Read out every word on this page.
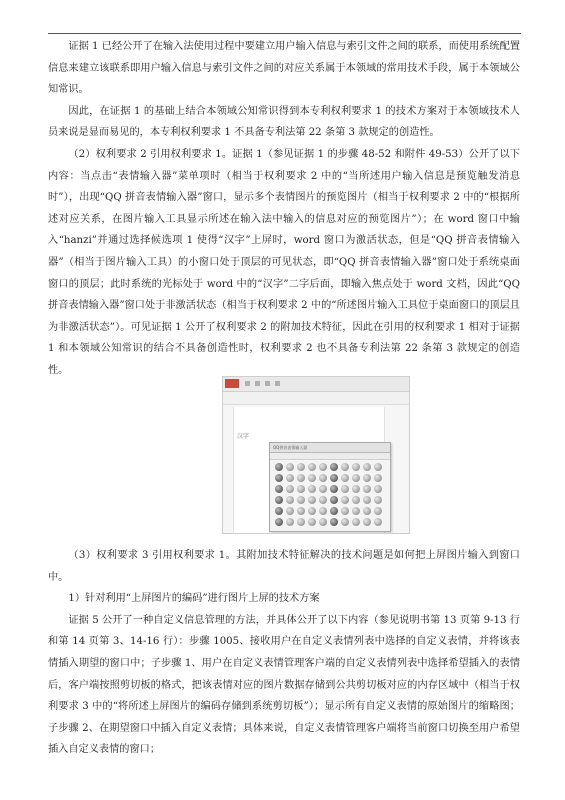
证据 1 已经公开了在输入法使用过程中要建立用户输入信息与索引文件之间的联系，而使用系统配置信息来建立该联系即用户输入信息与索引文件之间的对应关系属于本领域的常用技术手段，属于本领域公知常识。

因此，在证据 1 的基础上结合本领域公知常识得到本专利权利要求 1 的技术方案对于本领域技术人员来说是显而易见的，本专利权利要求 1 不具备专利法第 22 条第 3 款规定的创造性。

（2）权利要求 2 引用权利要求 1。证据 1（参见证据 1 的步骤 48-52 和附件 49-53）公开了以下内容：当点击“表情输入器”菜单项时（相当于权利要求 2 中的“当所述用户输入信息是预览触发消息时”），出现“QQ 拼音表情输入器”窗口，显示多个表情图片的预览图片（相当于权利要求 2 中的“根据所述对应关系，在图片输入工具显示所述在输入法中输入的信息对应的预览图片”）；在 word 窗口中输入“hanzi”并通过选择候选项 1 使得“汉字”上屏时，word 窗口为激活状态，但是“QQ 拼音表情输入器”（相当于图片输入工具）的小窗口处于顶层的可见状态，即“QQ 拼音表情输入器”窗口处于系统桌面窗口的顶层；此时系统的光标处于 word 中的“汉字”二字后面，即输入焦点处于 word 文档，因此“QQ 拼音表情输入器”窗口处于非激活状态（相当于权利要求 2 中的“所述图片输入工具位于桌面窗口的顶层且为非激活状态”）。可见证据 1 公开了权利要求 2 的附加技术特征，因此在引用的权利要求 1 相对于证据 1 和本领域公知常识的结合不具备创造性时，权利要求 2 也不具备专利法第 22 条第 3 款规定的创造性。

汉字
QQ拼音表情输入器

（3）权利要求 3 引用权利要求 1。其附加技术特征解决的技术问题是如何把上屏图片输入到窗口中。

1）针对利用“上屏图片的编码”进行图片上屏的技术方案

证据 5 公开了一种自定义信息管理的方法，并具体公开了以下内容（参见说明书第 13 页第 9-13 行和第 14 页第 3、14-16 行）：步骤 1005、接收用户在自定义表情列表中选择的自定义表情，并将该表情插入期望的窗口中；子步骤 1、用户在自定义表情管理客户端的自定义表情列表中选择希望插入的表情后，客户端按照剪切板的格式，把该表情对应的图片数据存储到公共剪切板对应的内存区域中（相当于权利要求 3 中的“将所述上屏图片的编码存储到系统剪切板”）；显示所有自定义表情的原始图片的缩略图；子步骤 2、在期望窗口中插入自定义表情；具体来说，自定义表情管理客户端将当前窗口切换至用户希望插入自定义表情的窗口；
